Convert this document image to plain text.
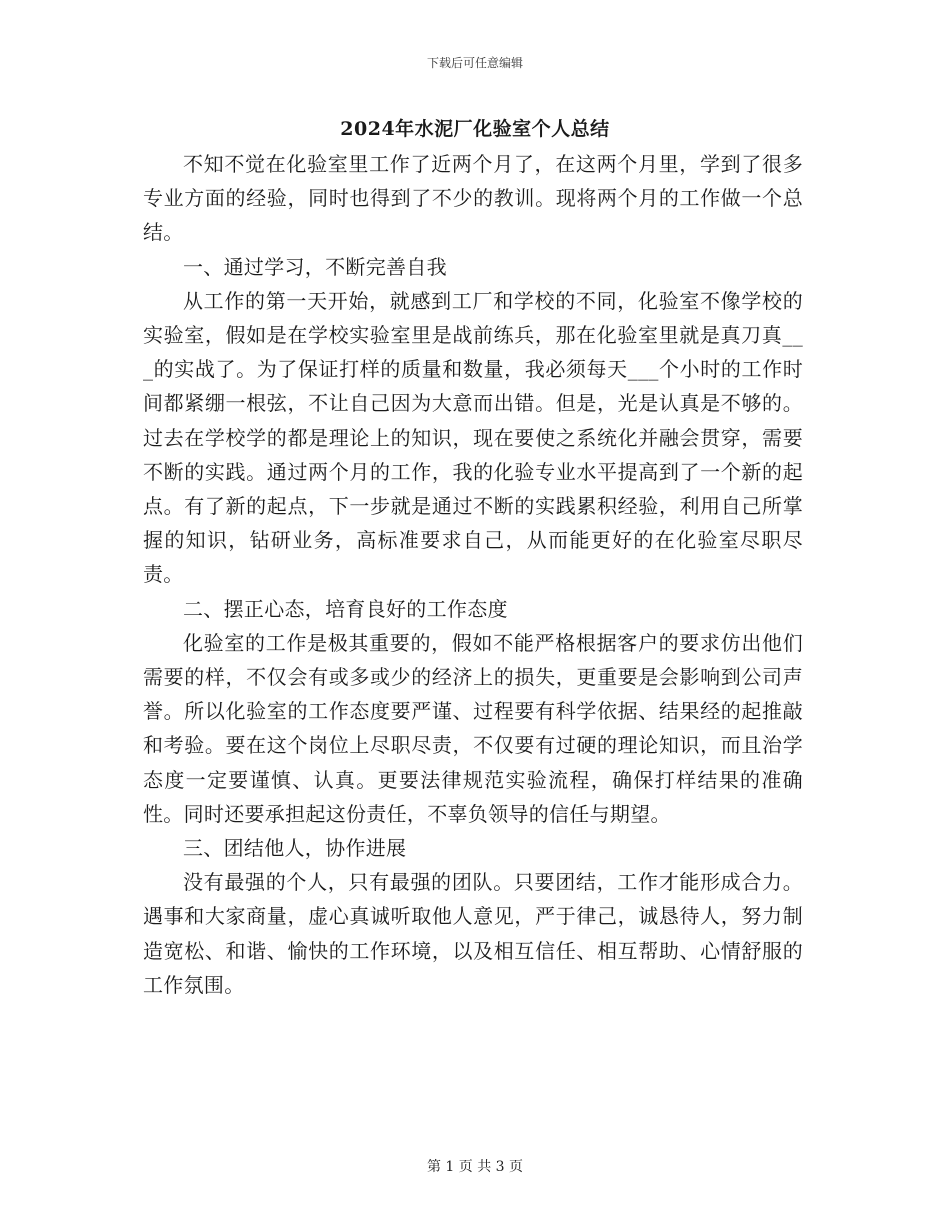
下载后可任意编辑
2024年水泥厂化验室个人总结

不知不觉在化验室里工作了近两个月了，在这两个月里，学到了很多专业方面的经验，同时也得到了不少的教训。现将两个月的工作做一个总结。

一、通过学习，不断完善自我

从工作的第一天开始，就感到工厂和学校的不同，化验室不像学校的实验室，假如是在学校实验室里是战前练兵，那在化验室里就是真刀真___的实战了。为了保证打样的质量和数量，我必须每天___个小时的工作时间都紧绷一根弦，不让自己因为大意而出错。但是，光是认真是不够的。过去在学校学的都是理论上的知识，现在要使之系统化并融会贯穿，需要不断的实践。通过两个月的工作，我的化验专业水平提高到了一个新的起点。有了新的起点，下一步就是通过不断的实践累积经验，利用自己所掌握的知识，钻研业务，高标准要求自己，从而能更好的在化验室尽职尽责。

二、摆正心态，培育良好的工作态度

化验室的工作是极其重要的，假如不能严格根据客户的要求仿出他们需要的样，不仅会有或多或少的经济上的损失，更重要是会影响到公司声誉。所以化验室的工作态度要严谨、过程要有科学依据、结果经的起推敲和考验。要在这个岗位上尽职尽责，不仅要有过硬的理论知识，而且治学态度一定要谨慎、认真。更要法律规范实验流程，确保打样结果的准确性。同时还要承担起这份责任，不辜负领导的信任与期望。

三、团结他人，协作进展

没有最强的个人，只有最强的团队。只要团结，工作才能形成合力。遇事和大家商量，虚心真诚听取他人意见，严于律己，诚恳待人，努力制造宽松、和谐、愉快的工作环境，以及相互信任、相互帮助、心情舒服的工作氛围。

第 1 页 共 3 页
